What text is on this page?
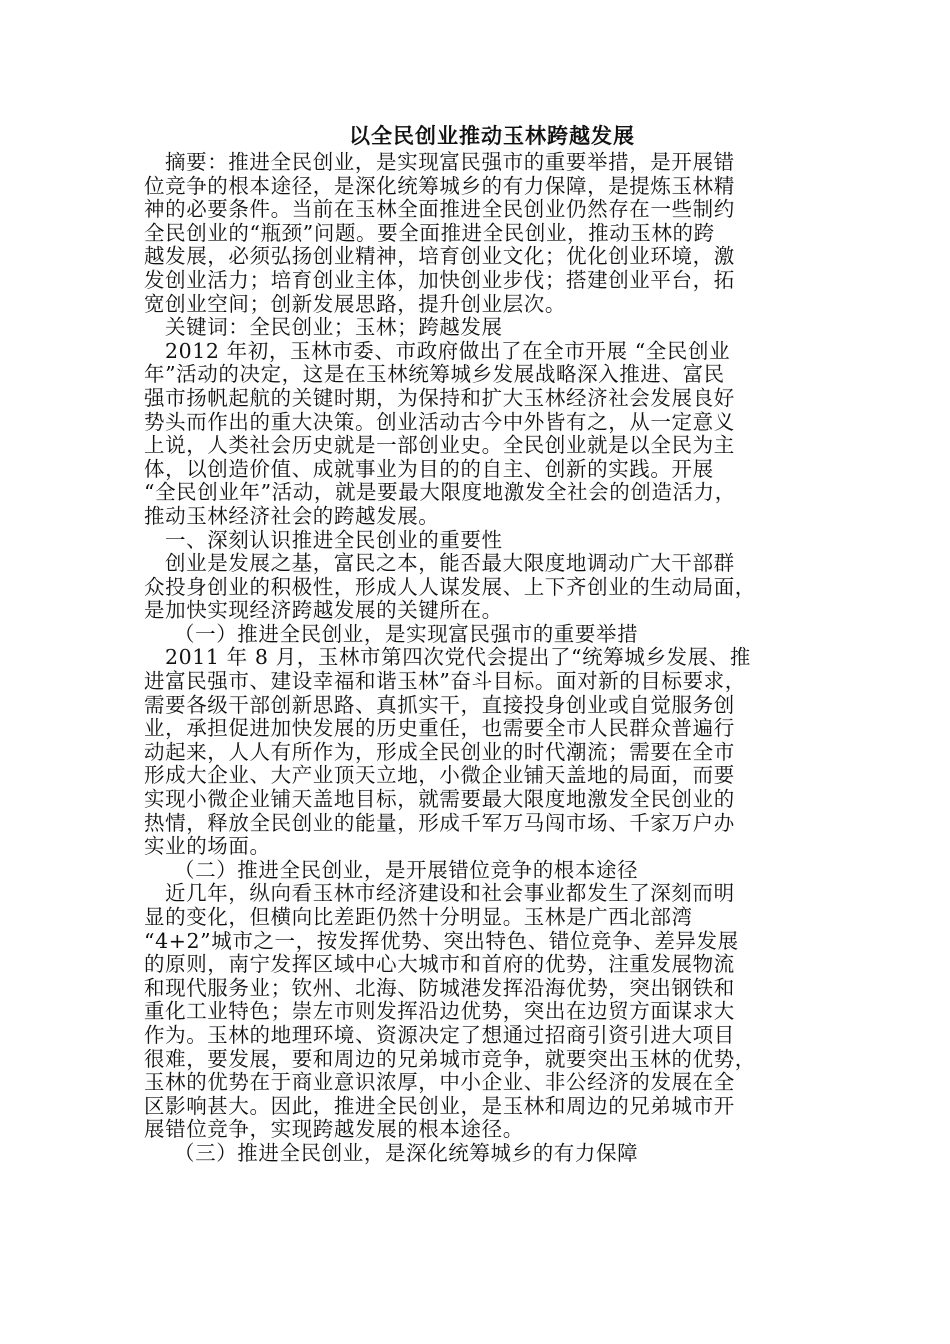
以全民创业推动玉林跨越发展
摘要：推进全民创业，是实现富民强市的重要举措，是开展错
位竞争的根本途径，是深化统筹城乡的有力保障，是提炼玉林精
神的必要条件。当前在玉林全面推进全民创业仍然存在一些制约
全民创业的“瓶颈”问题。要全面推进全民创业，推动玉林的跨
越发展，必须弘扬创业精神，培育创业文化；优化创业环境，激
发创业活力；培育创业主体，加快创业步伐；搭建创业平台，拓
宽创业空间；创新发展思路，提升创业层次。
关键词：全民创业；玉林；跨越发展
2012 年初，玉林市委、市政府做出了在全市开展 “全民创业
年”活动的决定，这是在玉林统筹城乡发展战略深入推进、富民
强市扬帆起航的关键时期，为保持和扩大玉林经济社会发展良好
势头而作出的重大决策。创业活动古今中外皆有之，从一定意义
上说，人类社会历史就是一部创业史。全民创业就是以全民为主
体，以创造价值、成就事业为目的的自主、创新的实践。开展
“全民创业年”活动，就是要最大限度地激发全社会的创造活力，
推动玉林经济社会的跨越发展。
一、深刻认识推进全民创业的重要性
创业是发展之基，富民之本，能否最大限度地调动广大干部群
众投身创业的积极性，形成人人谋发展、上下齐创业的生动局面，
是加快实现经济跨越发展的关键所在。
（一）推进全民创业，是实现富民强市的重要举措
2011 年 8 月，玉林市第四次党代会提出了“统筹城乡发展、推
进富民强市、建设幸福和谐玉林”奋斗目标。面对新的目标要求，
需要各级干部创新思路、真抓实干，直接投身创业或自觉服务创
业，承担促进加快发展的历史重任，也需要全市人民群众普遍行
动起来，人人有所作为，形成全民创业的时代潮流；需要在全市
形成大企业、大产业顶天立地，小微企业铺天盖地的局面，而要
实现小微企业铺天盖地目标，就需要最大限度地激发全民创业的
热情，释放全民创业的能量，形成千军万马闯市场、千家万户办
实业的场面。
（二）推进全民创业，是开展错位竞争的根本途径
近几年，纵向看玉林市经济建设和社会事业都发生了深刻而明
显的变化，但横向比差距仍然十分明显。玉林是广西北部湾
“4+2”城市之一，按发挥优势、突出特色、错位竞争、差异发展
的原则，南宁发挥区域中心大城市和首府的优势，注重发展物流
和现代服务业；钦州、北海、防城港发挥沿海优势，突出钢铁和
重化工业特色；崇左市则发挥沿边优势，突出在边贸方面谋求大
作为。玉林的地理环境、资源决定了想通过招商引资引进大项目
很难，要发展，要和周边的兄弟城市竞争，就要突出玉林的优势，
玉林的优势在于商业意识浓厚，中小企业、非公经济的发展在全
区影响甚大。因此，推进全民创业，是玉林和周边的兄弟城市开
展错位竞争，实现跨越发展的根本途径。
（三）推进全民创业，是深化统筹城乡的有力保障
